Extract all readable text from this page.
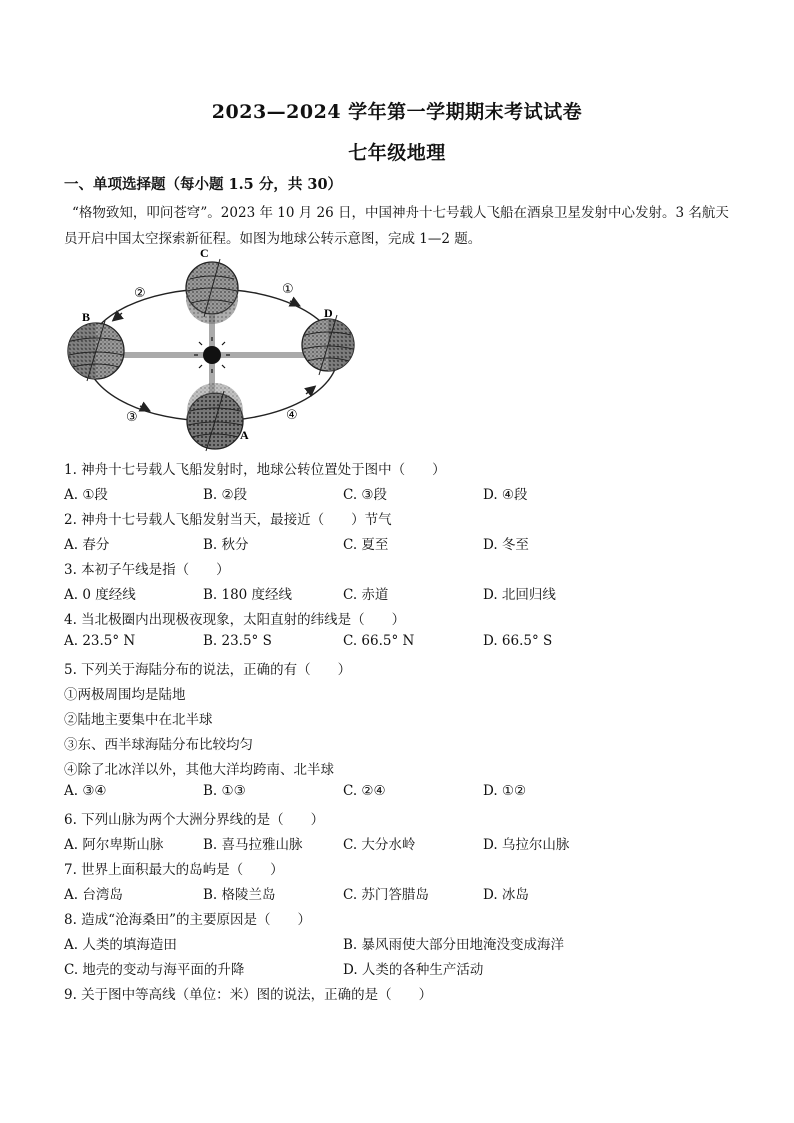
2023—2024 学年第一学期期末考试试卷
七年级地理
一、单项选择题（每小题 1.5 分，共 30）
“格物致知，叩问苍穹”。2023 年 10 月 26 日，中国神舟十七号载人飞船在酒泉卫星发射中心发射。3 名航天
员开启中国太空探索新征程。如图为地球公转示意图，完成 1—2 题。
C
B	D
A
①
②
③	④
1. 神舟十七号载人飞船发射时，地球公转位置处于图中（　　）
A. ①段	B. ②段	C. ③段	D. ④段
2. 神舟十七号载人飞船发射当天，最接近（　　）节气
A. 春分	B. 秋分	C. 夏至	D. 冬至
3. 本初子午线是指（　　）
A. 0 度经线	B. 180 度经线	C. 赤道	D. 北回归线
4. 当北极圈内出现极夜现象，太阳直射的纬线是（　　）
A. 23.5° N	B. 23.5° S	C. 66.5° N	D. 66.5° S
5. 下列关于海陆分布的说法，正确的有（　　）
①两极周围均是陆地
②陆地主要集中在北半球
③东、西半球海陆分布比较均匀
④除了北冰洋以外，其他大洋均跨南、北半球
A. ③④	B. ①③	C. ②④	D. ①②
6. 下列山脉为两个大洲分界线的是（　　）
A. 阿尔卑斯山脉	B. 喜马拉雅山脉	C. 大分水岭	D. 乌拉尔山脉
7. 世界上面积最大的岛屿是（　　）
A. 台湾岛	B. 格陵兰岛	C. 苏门答腊岛	D. 冰岛
8. 造成“沧海桑田”的主要原因是（　　）
A. 人类的填海造田	B. 暴风雨使大部分田地淹没变成海洋
C. 地壳的变动与海平面的升降	D. 人类的各种生产活动
9. 关于图中等高线（单位：米）图的说法，正确的是（　　）
